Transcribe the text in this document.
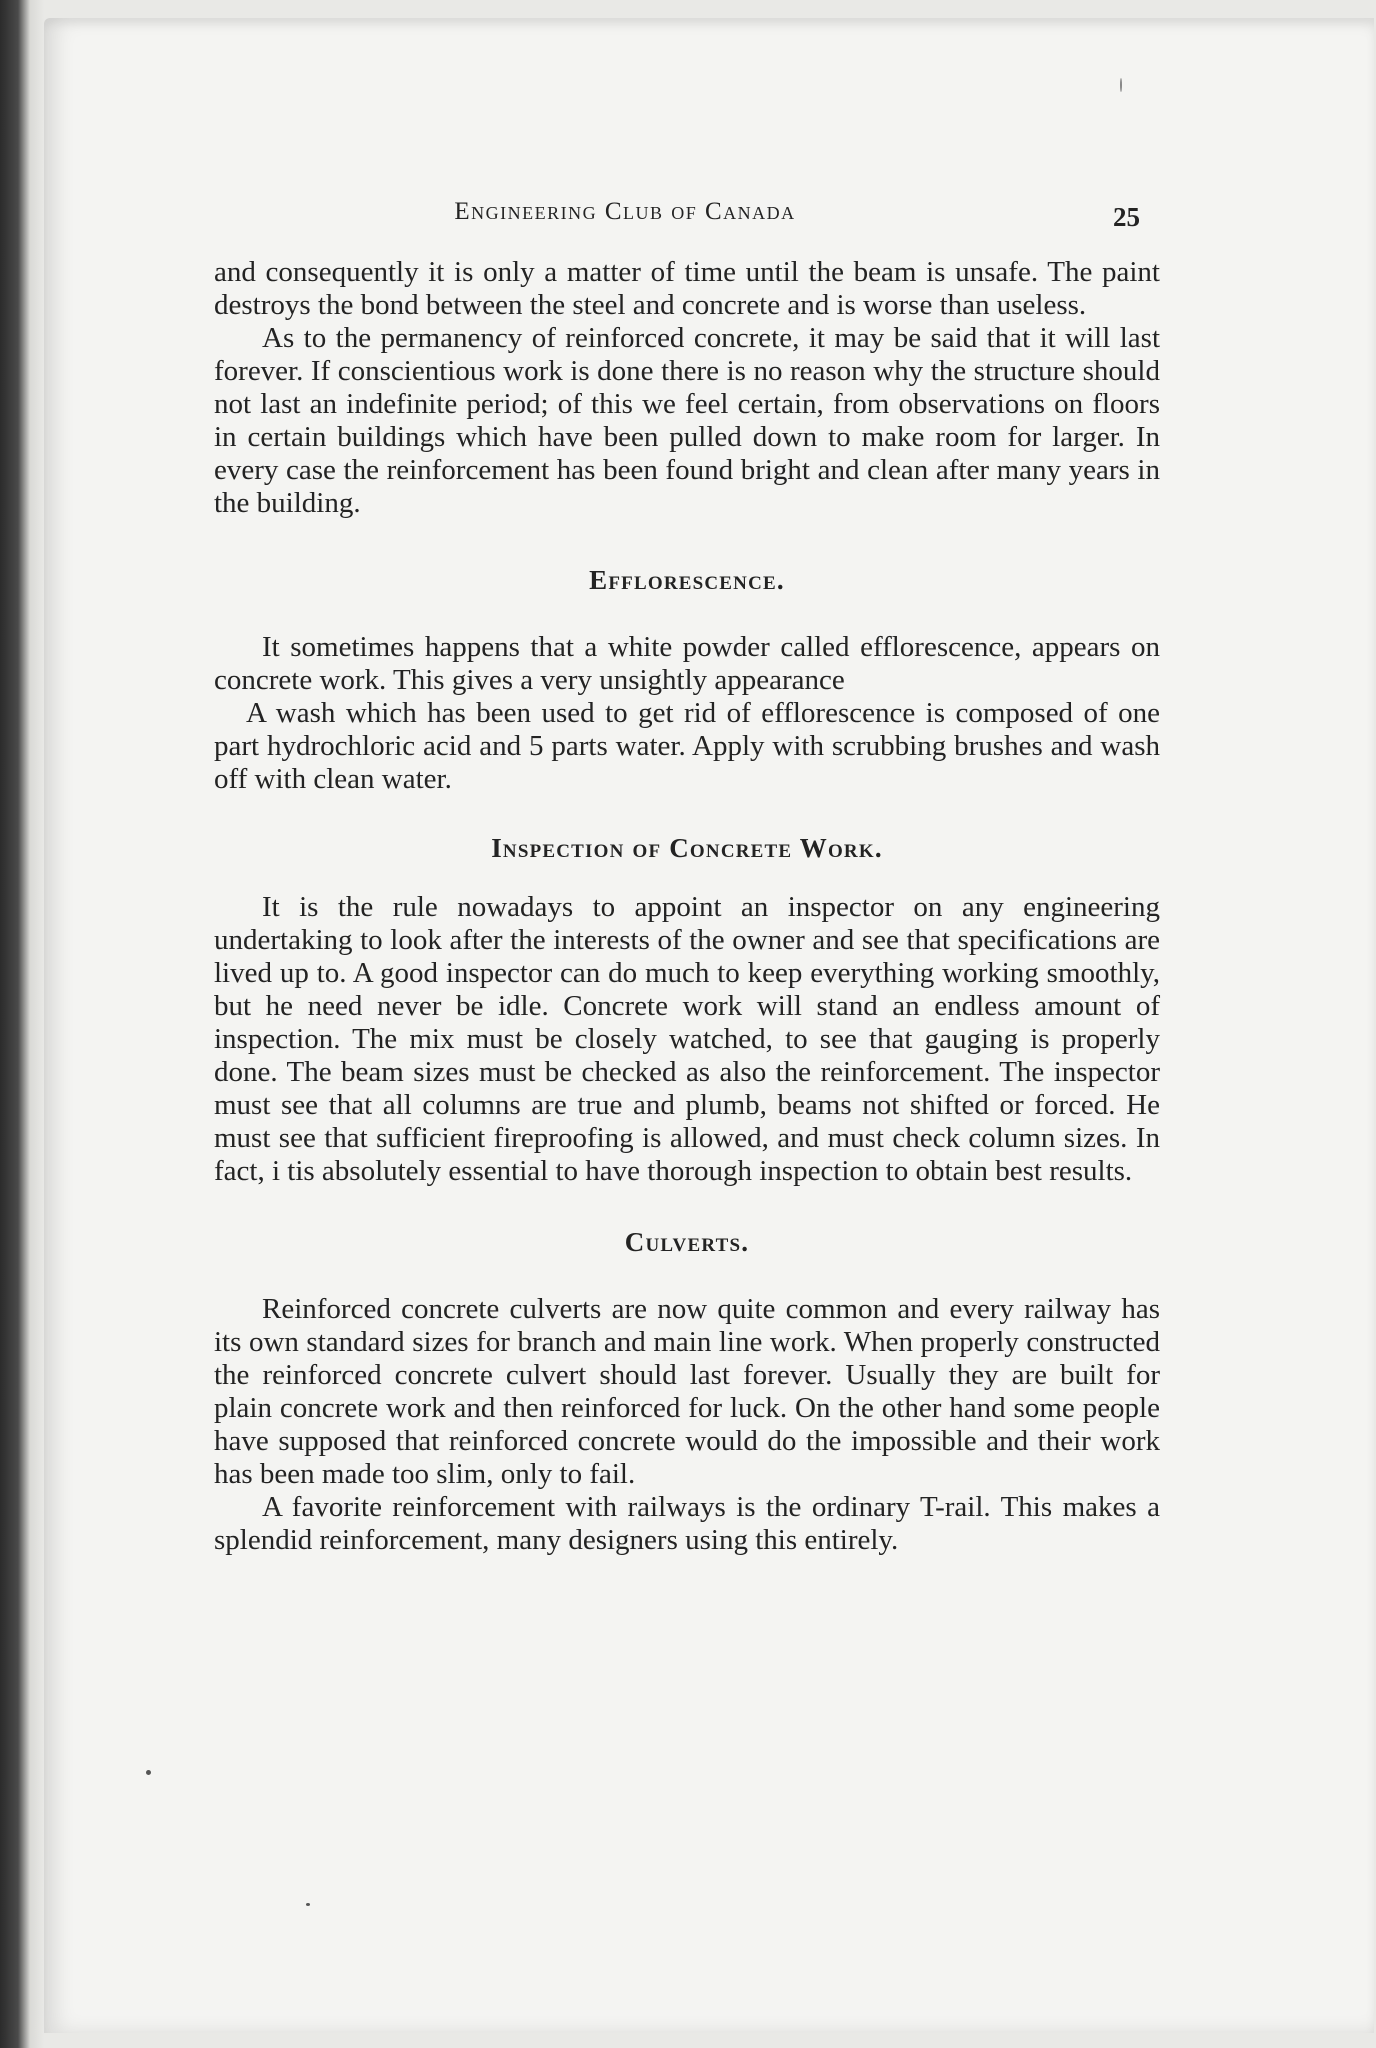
Engineering Club of Canada	25

and consequently it is only a matter of time until the beam is unsafe. The paint destroys the bond between the steel and concrete and is worse than useless.

As to the permanency of reinforced concrete, it may be said that it will last forever. If conscientious work is done there is no reason why the structure should not last an indefinite period; of this we feel certain, from observations on floors in certain buildings which have been pulled down to make room for larger. In every case the reinforcement has been found bright and clean after many years in the building.

Efflorescence.

It sometimes happens that a white powder called efflorescence, appears on concrete work. This gives a very unsightly appearance

A wash which has been used to get rid of efflorescence is composed of one part hydrochloric acid and 5 parts water. Apply with scrubbing brushes and wash off with clean water.

Inspection of Concrete Work.

It is the rule nowadays to appoint an inspector on any engineering undertaking to look after the interests of the owner and see that specifications are lived up to. A good inspector can do much to keep everything working smoothly, but he need never be idle. Concrete work will stand an endless amount of inspection. The mix must be closely watched, to see that gauging is properly done. The beam sizes must be checked as also the reinforcement. The inspector must see that all columns are true and plumb, beams not shifted or forced. He must see that sufficient fireproofing is allowed, and must check column sizes. In fact, i tis absolutely essential to have thorough inspection to obtain best results.

Culverts.

Reinforced concrete culverts are now quite common and every railway has its own standard sizes for branch and main line work. When properly constructed the reinforced concrete culvert should last forever. Usually they are built for plain concrete work and then reinforced for luck. On the other hand some people have supposed that reinforced concrete would do the impossible and their work has been made too slim, only to fail.

A favorite reinforcement with railways is the ordinary T-rail. This makes a splendid reinforcement, many designers using this entirely.
